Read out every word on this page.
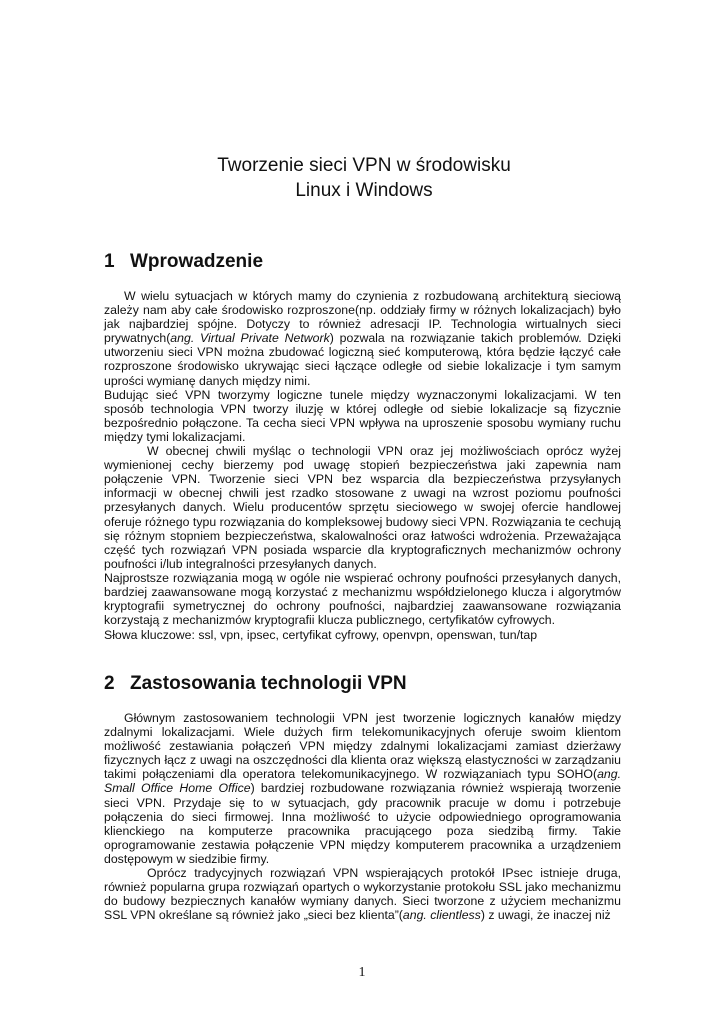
Tworzenie sieci VPN w środowisku
Linux i Windows
1 Wprowadzenie

W wielu sytuacjach w których mamy do czynienia z rozbudowaną architekturą sieciową zależy nam aby całe środowisko rozproszone(np. oddziały firmy w różnych lokalizacjach) było jak najbardziej spójne. Dotyczy to również adresacji IP. Technologia wirtualnych sieci prywatnych(ang. Virtual Private Network) pozwala na rozwiązanie takich problemów. Dzięki utworzeniu sieci VPN można zbudować logiczną sieć komputerową, która będzie łączyć całe rozproszone środowisko ukrywając sieci łączące odległe od siebie lokalizacje i tym samym uprości wymianę danych między nimi.

Budując sieć VPN tworzymy logiczne tunele między wyznaczonymi lokalizacjami. W ten sposób technologia VPN tworzy iluzję w której odległe od siebie lokalizacje są fizycznie bezpośrednio połączone. Ta cecha sieci VPN wpływa na uproszenie sposobu wymiany ruchu między tymi lokalizacjami.

W obecnej chwili myśląc o technologii VPN oraz jej możliwościach oprócz wyżej wymienionej cechy bierzemy pod uwagę stopień bezpieczeństwa jaki zapewnia nam połączenie VPN. Tworzenie sieci VPN bez wsparcia dla bezpieczeństwa przysyłanych informacji w obecnej chwili jest rzadko stosowane z uwagi na wzrost poziomu poufności przesyłanych danych. Wielu producentów sprzętu sieciowego w swojej ofercie handlowej oferuje różnego typu rozwiązania do kompleksowej budowy sieci VPN. Rozwiązania te cechują się różnym stopniem bezpieczeństwa, skalowalności oraz łatwości wdrożenia. Przeważająca część tych rozwiązań VPN posiada wsparcie dla kryptograficznych mechanizmów ochrony poufności i/lub integralności przesyłanych danych.

Najprostsze rozwiązania mogą w ogóle nie wspierać ochrony poufności przesyłanych danych, bardziej zaawansowane mogą korzystać z mechanizmu współdzielonego klucza i algorytmów kryptografii symetrycznej do ochrony poufności, najbardziej zaawansowane rozwiązania korzystają z mechanizmów kryptografii klucza publicznego, certyfikatów cyfrowych.

Słowa kluczowe: ssl, vpn, ipsec, certyfikat cyfrowy, openvpn, openswan, tun/tap

2 Zastosowania technologii VPN

Głównym zastosowaniem technologii VPN jest tworzenie logicznych kanałów między zdalnymi lokalizacjami. Wiele dużych firm telekomunikacyjnych oferuje swoim klientom możliwość zestawiania połączeń VPN między zdalnymi lokalizacjami zamiast dzierżawy fizycznych łącz z uwagi na oszczędności dla klienta oraz większą elastyczności w zarządzaniu takimi połączeniami dla operatora telekomunikacyjnego. W rozwiązaniach typu SOHO(ang. Small Office Home Office) bardziej rozbudowane rozwiązania również wspierają tworzenie sieci VPN. Przydaje się to w sytuacjach, gdy pracownik pracuje w domu i potrzebuje połączenia do sieci firmowej. Inna możliwość to użycie odpowiedniego oprogramowania klienckiego na komputerze pracownika pracującego poza siedzibą firmy. Takie oprogramowanie zestawia połączenie VPN między komputerem pracownika a urządzeniem dostępowym w siedzibie firmy.

Oprócz tradycyjnych rozwiązań VPN wspierających protokół IPsec istnieje druga, również popularna grupa rozwiązań opartych o wykorzystanie protokołu SSL jako mechanizmu do budowy bezpiecznych kanałów wymiany danych. Sieci tworzone z użyciem mechanizmu SSL VPN określane są również jako „sieci bez klienta”(ang. clientless) z uwagi, że inaczej niż

1
